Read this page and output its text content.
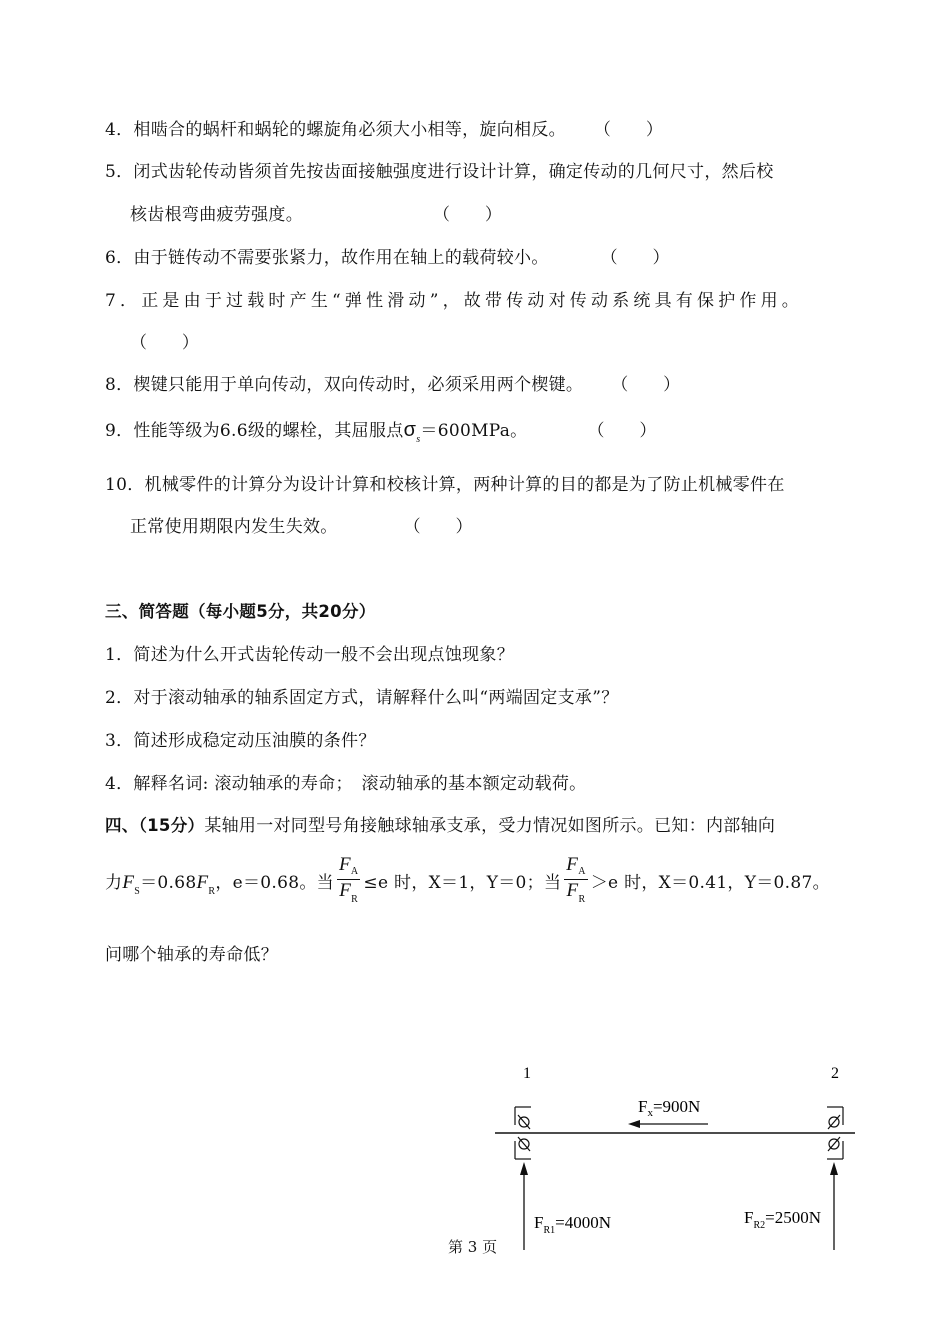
4．相啮合的蜗杆和蜗轮的螺旋角必须大小相等，旋向相反。 （　　）
5．闭式齿轮传动皆须首先按齿面接触强度进行设计计算，确定传动的几何尺寸，然后校
核齿根弯曲疲劳强度。	（　　）
6．由于链传动不需要张紧力，故作用在轴上的载荷较小。	（　　）
7．正是由于过载时产生“弹性滑动”，故带传动对传动系统具有保护作用。
（　　）
8．楔键只能用于单向传动，双向传动时，必须采用两个楔键。 （　　）
9．性能等级为6.6级的螺栓，其屈服点$\sigma_s=600MPa$。	（　　）
10．机械零件的计算分为设计计算和校核计算，两种计算的目的都是为了防止机械零件在
正常使用期限内发生失效。	（　　）
三、简答题（每小题5分，共20分）
1．简述为什么开式齿轮传动一般不会出现点蚀现象？
2．对于滚动轴承的轴系固定方式，请解释什么叫“两端固定支承”？
3．简述形成稳定动压油膜的条件？
4．解释名词: 滚动轴承的寿命；　滚动轴承的基本额定动载荷。
四、（15分）某轴用一对同型号角接触球轴承支承，受力情况如图所示。已知：内部轴向
力$F_S=0.68F_R$，e＝0.68。当 $\frac{F_A}{F_R} \le e$ 时，X＝1，Y＝0；当 $\frac{F_A}{F_R} >e$ 时，X＝0.41，Y＝0.87。
问哪个轴承的寿命低？
1	2
$F_x=900N$
$F_{R1}=4000N$	$F_{R2}=2500N$
第 3 页
